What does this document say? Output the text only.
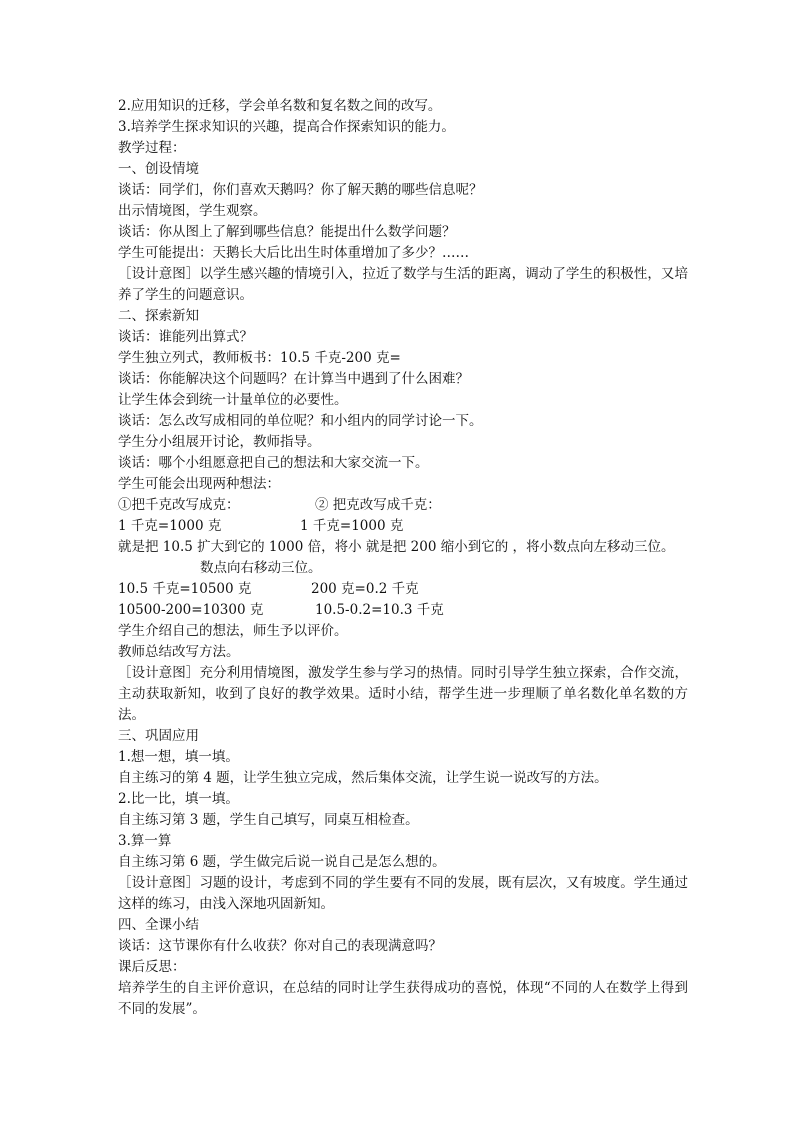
2.应用知识的迁移，学会单名数和复名数之间的改写。
3.培养学生探求知识的兴趣，提高合作探索知识的能力。
教学过程：
一、创设情境
谈话：同学们，你们喜欢天鹅吗？你了解天鹅的哪些信息呢？
出示情境图，学生观察。
谈话：你从图上了解到哪些信息？能提出什么数学问题？
学生可能提出：天鹅长大后比出生时体重增加了多少？……
［设计意图］以学生感兴趣的情境引入，拉近了数学与生活的距离，调动了学生的积极性，又培养了学生的问题意识。
二、探索新知
谈话：谁能列出算式？
学生独立列式，教师板书：10.5 千克-200 克=
谈话：你能解决这个问题吗？在计算当中遇到了什么困难？
让学生体会到统一计量单位的必要性。
谈话：怎么改写成相同的单位呢？和小组内的同学讨论一下。
学生分小组展开讨论，教师指导。
谈话：哪个小组愿意把自己的想法和大家交流一下。
学生可能会出现两种想法：
①把千克改写成克：	② 把克改写成千克：
1 千克=1000 克	1 千克=1000 克
就是把 10.5 扩大到它的 1000 倍，将小 就是把 200 缩小到它的 ，将小数点向左移动三位。
数点向右移动三位。
10.5 千克=10500 克	200 克=0.2 千克
10500-200=10300 克	10.5-0.2=10.3 千克
学生介绍自己的想法，师生予以评价。
教师总结改写方法。
［设计意图］充分利用情境图，激发学生参与学习的热情。同时引导学生独立探索，合作交流，主动获取新知，收到了良好的教学效果。适时小结，帮学生进一步理顺了单名数化单名数的方法。
三、巩固应用
1.想一想，填一填。
自主练习的第 4 题，让学生独立完成，然后集体交流，让学生说一说改写的方法。
2.比一比，填一填。
自主练习第 3 题，学生自己填写，同桌互相检查。
3.算一算
自主练习第 6 题，学生做完后说一说自己是怎么想的。
［设计意图］习题的设计，考虑到不同的学生要有不同的发展，既有层次，又有坡度。学生通过这样的练习，由浅入深地巩固新知。
四、全课小结
谈话：这节课你有什么收获？你对自己的表现满意吗？
课后反思：
培养学生的自主评价意识，在总结的同时让学生获得成功的喜悦，体现“不同的人在数学上得到不同的发展”。
